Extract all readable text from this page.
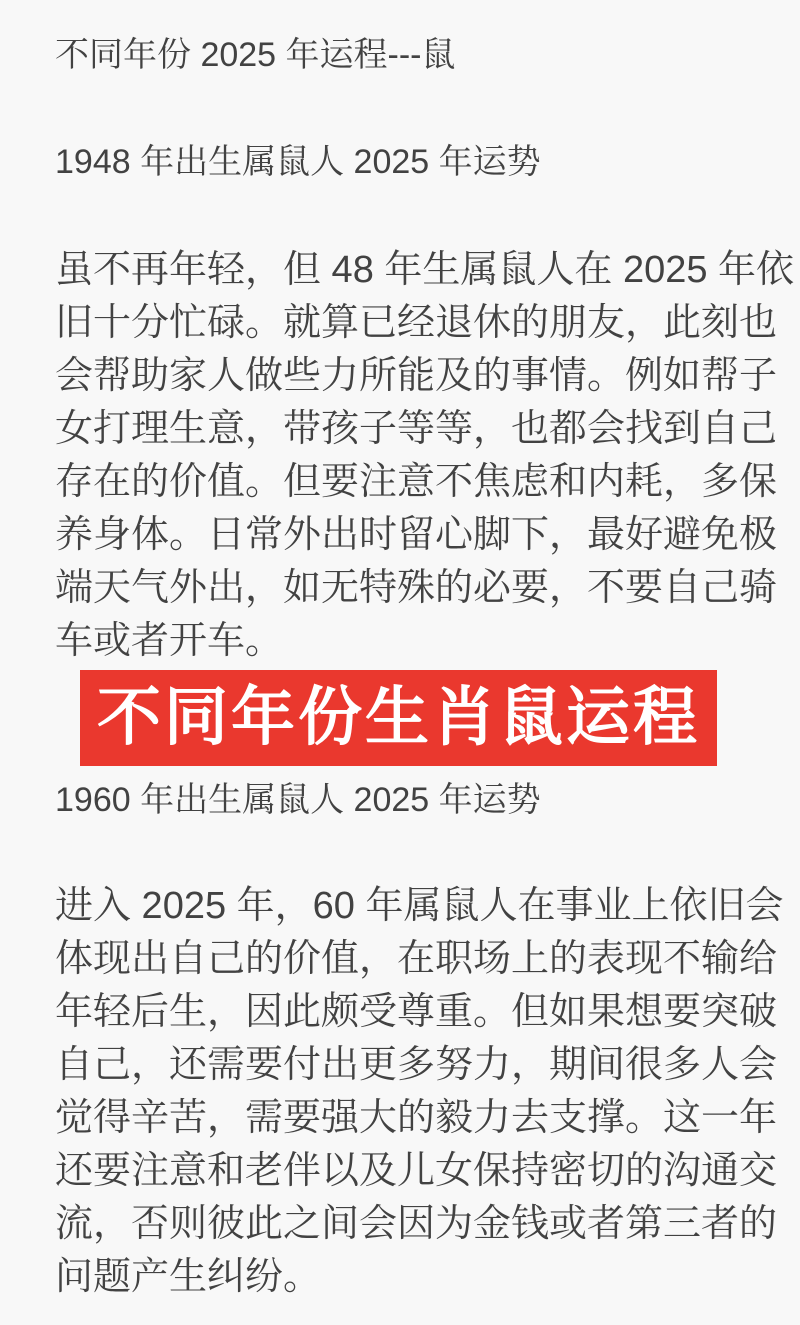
不同年份 2025 年运程---鼠
1948 年出生属鼠人 2025 年运势
虽不再年轻，但 48 年生属鼠人在 2025 年依
旧十分忙碌。就算已经退休的朋友，此刻也
会帮助家人做些力所能及的事情。例如帮子
女打理生意，带孩子等等，也都会找到自己
存在的价值。但要注意不焦虑和内耗，多保
养身体。日常外出时留心脚下，最好避免极
端天气外出，如无特殊的必要，不要自己骑
车或者开车。
不同年份生肖鼠运程
1960 年出生属鼠人 2025 年运势
进入 2025 年，60 年属鼠人在事业上依旧会
体现出自己的价值，在职场上的表现不输给
年轻后生，因此颇受尊重。但如果想要突破
自己，还需要付出更多努力，期间很多人会
觉得辛苦，需要强大的毅力去支撑。这一年
还要注意和老伴以及儿女保持密切的沟通交
流，否则彼此之间会因为金钱或者第三者的
问题产生纠纷。
